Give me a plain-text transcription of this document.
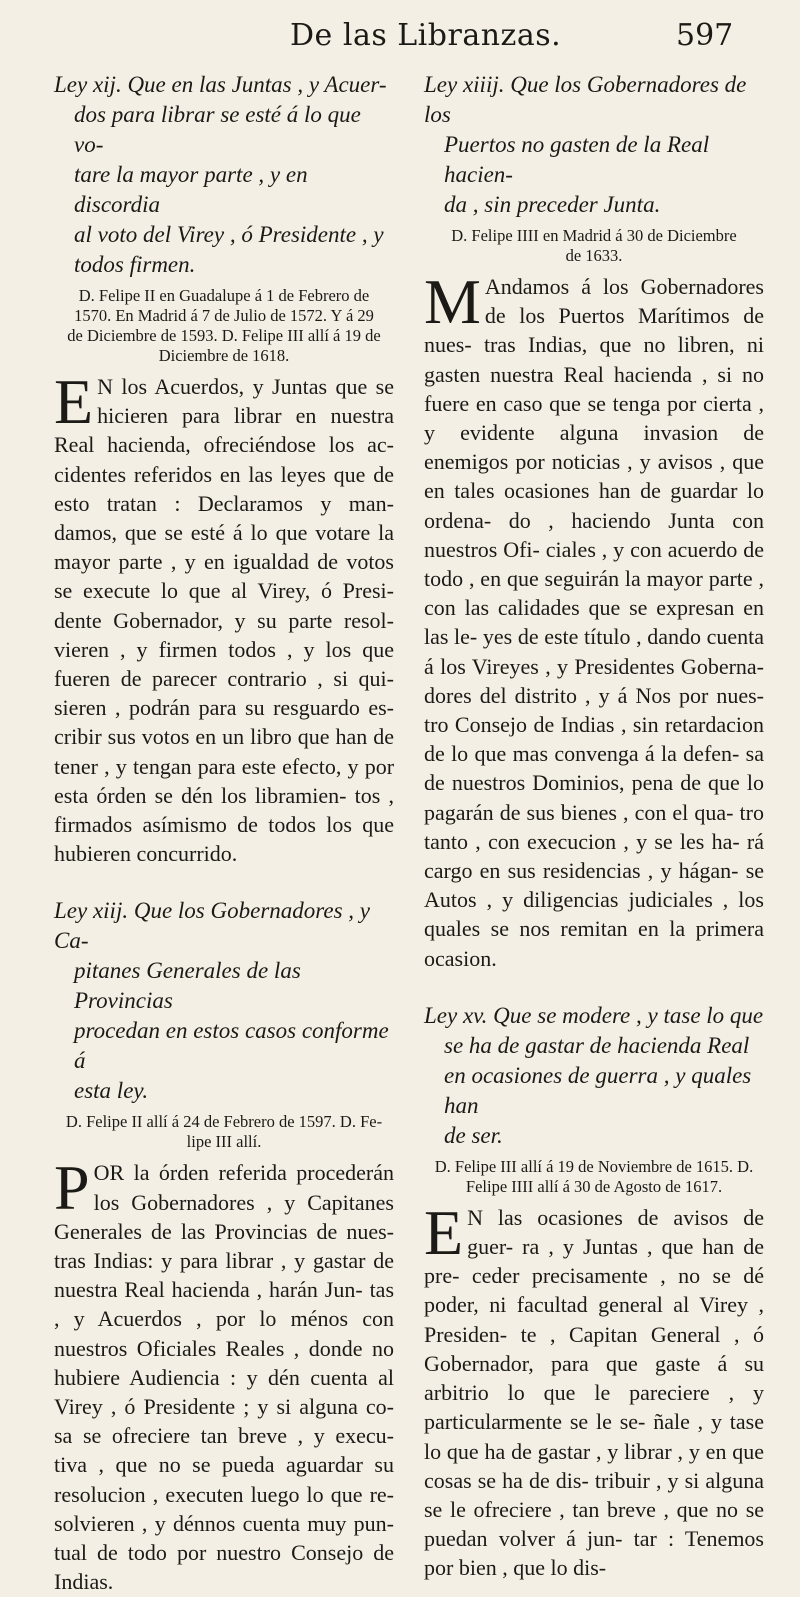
De las Libranzas.	597

Ley xij. Que en las Juntas , y Acuer-

dos para librar se esté á lo que vo-
tare la mayor parte , y en discordia
al voto del Virey , ó Presidente , y
todos firmen.

D. Felipe II en Guadalupe á 1 de Febrero de
1570. En Madrid á 7 de Julio de 1572. Y á 29
de Diciembre de 1593. D. Felipe III allí á 19 de
Diciembre de 1618.

E N los Acuerdos, y Juntas que se hicieren para librar en nuestra Real hacienda, ofreciéndose los ac- cidentes referidos en las leyes que de esto tratan : Declaramos y man- damos, que se esté á lo que votare la mayor parte , y en igualdad de votos se execute lo que al Virey, ó Presi- dente Gobernador, y su parte resol- vieren , y firmen todos , y los que fueren de parecer contrario , si qui- sieren , podrán para su resguardo es- cribir sus votos en un libro que han de tener , y tengan para este efecto, y por esta órden se dén los libramien- tos , firmados asímismo de todos los que hubieren concurrido.

Ley xiij. Que los Gobernadores , y Ca-

pitanes Generales de las Provincias
procedan en estos casos conforme á
esta ley.

D. Felipe II allí á 24 de Febrero de 1597. D. Fe-
lipe III allí.

POR la órden referida procederán los Gobernadores , y Capitanes Generales de las Provincias de nues- tras Indias: y para librar , y gastar de nuestra Real hacienda , harán Jun- tas , y Acuerdos , por lo ménos con nuestros Oficiales Reales , donde no hubiere Audiencia : y dén cuenta al Virey , ó Presidente ; y si alguna co- sa se ofreciere tan breve , y execu- tiva , que no se pueda aguardar su resolucion , executen luego lo que re- solvieren , y dénnos cuenta muy pun- tual de todo por nuestro Consejo de Indias.

Ley xiiij. Que los Gobernadores de los

Puertos no gasten de la Real hacien-
da , sin preceder Junta.

D. Felipe IIII en Madrid á 30 de Diciembre
de 1633.

M Andamos á los Gobernadores de los Puertos Marítimos de nues- tras Indias, que no libren, ni gasten nuestra Real hacienda , si no fuere en caso que se tenga por cierta , y evidente alguna invasion de enemigos por noticias , y avisos , que en tales ocasiones han de guardar lo ordena- do , haciendo Junta con nuestros Ofi- ciales , y con acuerdo de todo , en que seguirán la mayor parte , con las calidades que se expresan en las le- yes de este título , dando cuenta á los Vireyes , y Presidentes Goberna- dores del distrito , y á Nos por nues- tro Consejo de Indias , sin retardacion de lo que mas convenga á la defen- sa de nuestros Dominios, pena de que lo pagarán de sus bienes , con el qua- tro tanto , con execucion , y se les ha- rá cargo en sus residencias , y hágan- se Autos , y diligencias judiciales , los quales se nos remitan en la primera ocasion.

Ley xv. Que se modere , y tase lo que

se ha de gastar de hacienda Real
en ocasiones de guerra , y quales han
de ser.

D. Felipe III allí á 19 de Noviembre de 1615. D.
Felipe IIII allí á 30 de Agosto de 1617.

E N las ocasiones de avisos de guer- ra , y Juntas , que han de pre- ceder precisamente , no se dé poder, ni facultad general al Virey , Presiden- te , Capitan General , ó Gobernador, para que gaste á su arbitrio lo que le pareciere , y particularmente se le se- ñale , y tase lo que ha de gastar , y librar , y en que cosas se ha de dis- tribuir , y si alguna se le ofreciere , tan breve , que no se puedan volver á jun- tar : Tenemos por bien , que lo dis-
